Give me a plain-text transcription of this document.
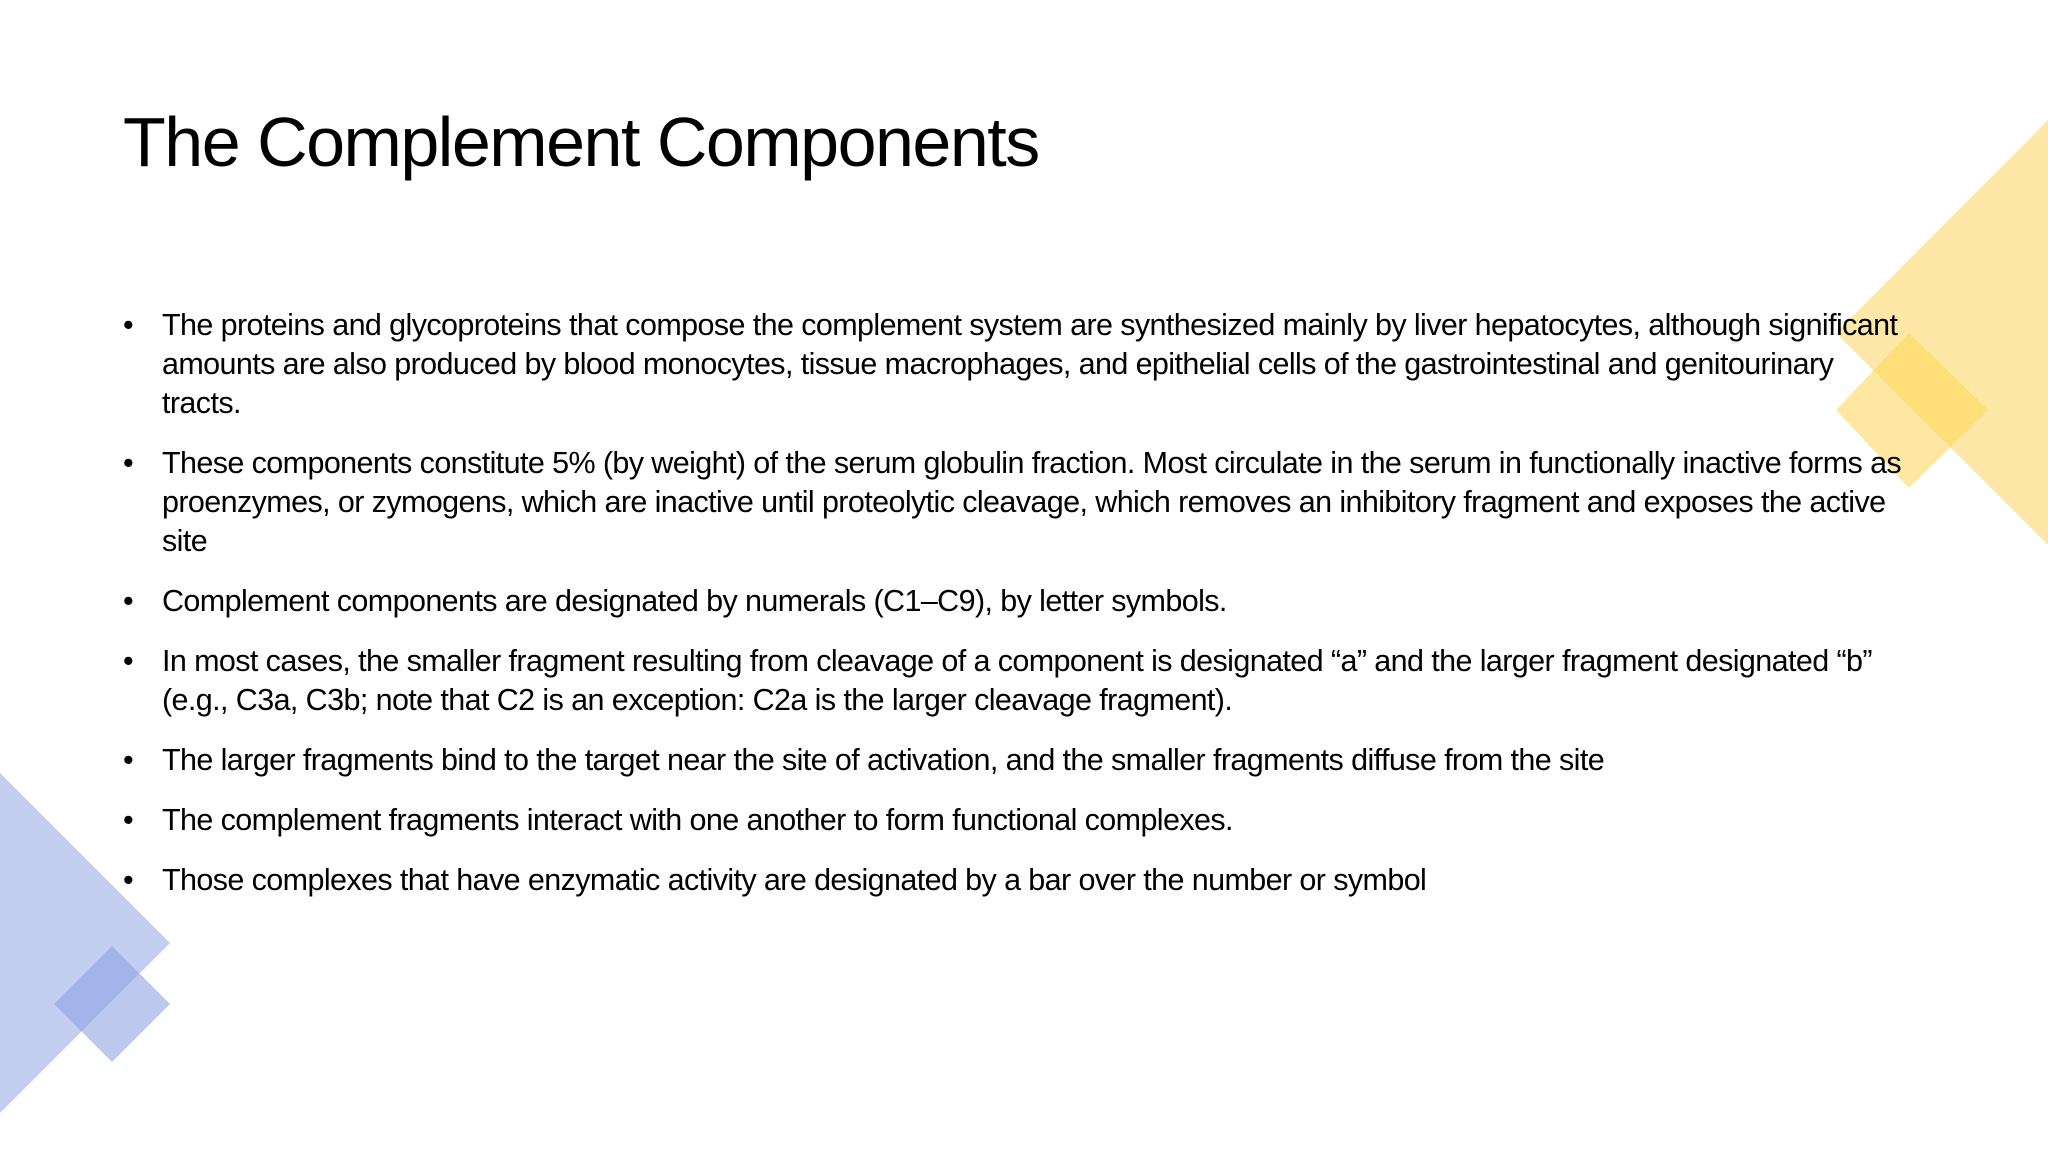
The Complement Components
• The proteins and glycoproteins that compose the complement system are synthesized mainly by liver hepatocytes, although significant amounts are also produced by blood monocytes, tissue macrophages, and epithelial cells of the gastrointestinal and genitourinary tracts.
• These components constitute 5% (by weight) of the serum globulin fraction. Most circulate in the serum in functionally inactive forms as proenzymes, or zymogens, which are inactive until proteolytic cleavage, which removes an inhibitory fragment and exposes the active site
• Complement components are designated by numerals (C1–C9), by letter symbols.
• In most cases, the smaller fragment resulting from cleavage of a component is designated “a” and the larger fragment designated “b” (e.g., C3a, C3b; note that C2 is an exception: C2a is the larger cleavage fragment).
• The larger fragments bind to the target near the site of activation, and the smaller fragments diffuse from the site
• The complement fragments interact with one another to form functional complexes.
• Those complexes that have enzymatic activity are designated by a bar over the number or symbol
